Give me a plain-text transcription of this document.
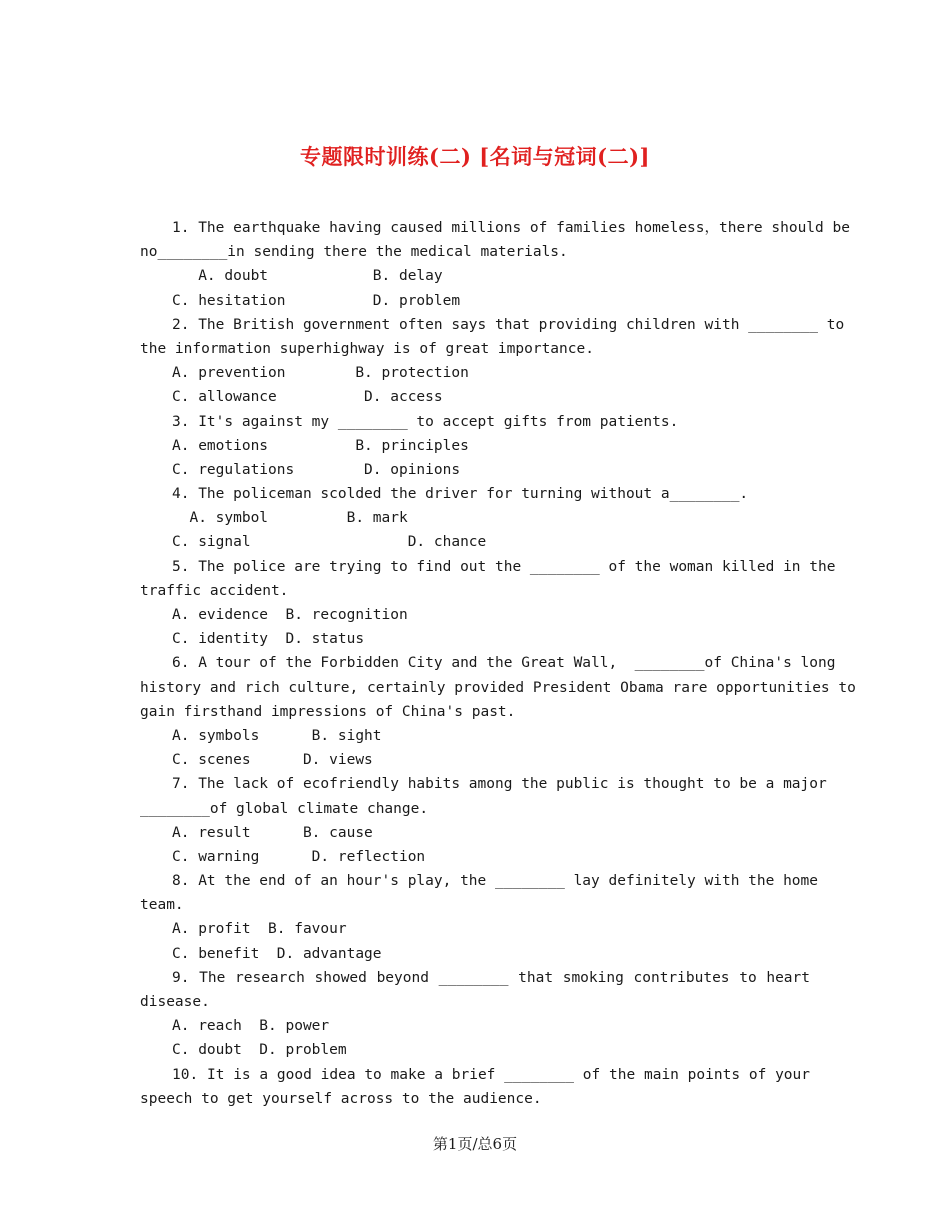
专题限时训练(二) [名词与冠词(二)]
1. The earthquake having caused millions of families homeless，there should be
no________in sending there the medical materials.
A. doubt            B. delay
C. hesitation          D. problem
2. The British government often says that providing children with ________ to
the information superhighway is of great importance.
A. prevention        B. protection
C. allowance          D. access
3. It's against my ________ to accept gifts from patients.
A. emotions          B. principles
C. regulations        D. opinions
4. The policeman scolded the driver for turning without a________.
A. symbol         B. mark
C. signal                  D. chance
5. The police are trying to find out the ________ of the woman killed in the
traffic accident.
A. evidence  B. recognition
C. identity  D. status
6. A tour of the Forbidden City and the Great Wall,  ________of China's long
history and rich culture, certainly provided President Obama rare opportunities to
gain firsthand impressions of China's past.
A. symbols      B. sight
C. scenes      D. views
7. The lack of ecofriendly habits among the public is thought to be a major
________of global climate change.
A. result      B. cause
C. warning      D. reflection
8. At the end of an hour's play, the ________ lay definitely with the home
team.
A. profit  B. favour
C. benefit  D. advantage
9. The research showed beyond ________ that smoking contributes to heart
disease.
A. reach  B. power
C. doubt  D. problem
10. It is a good idea to make a brief ________ of the main points of your
speech to get yourself across to the audience.
第1页/总6页
